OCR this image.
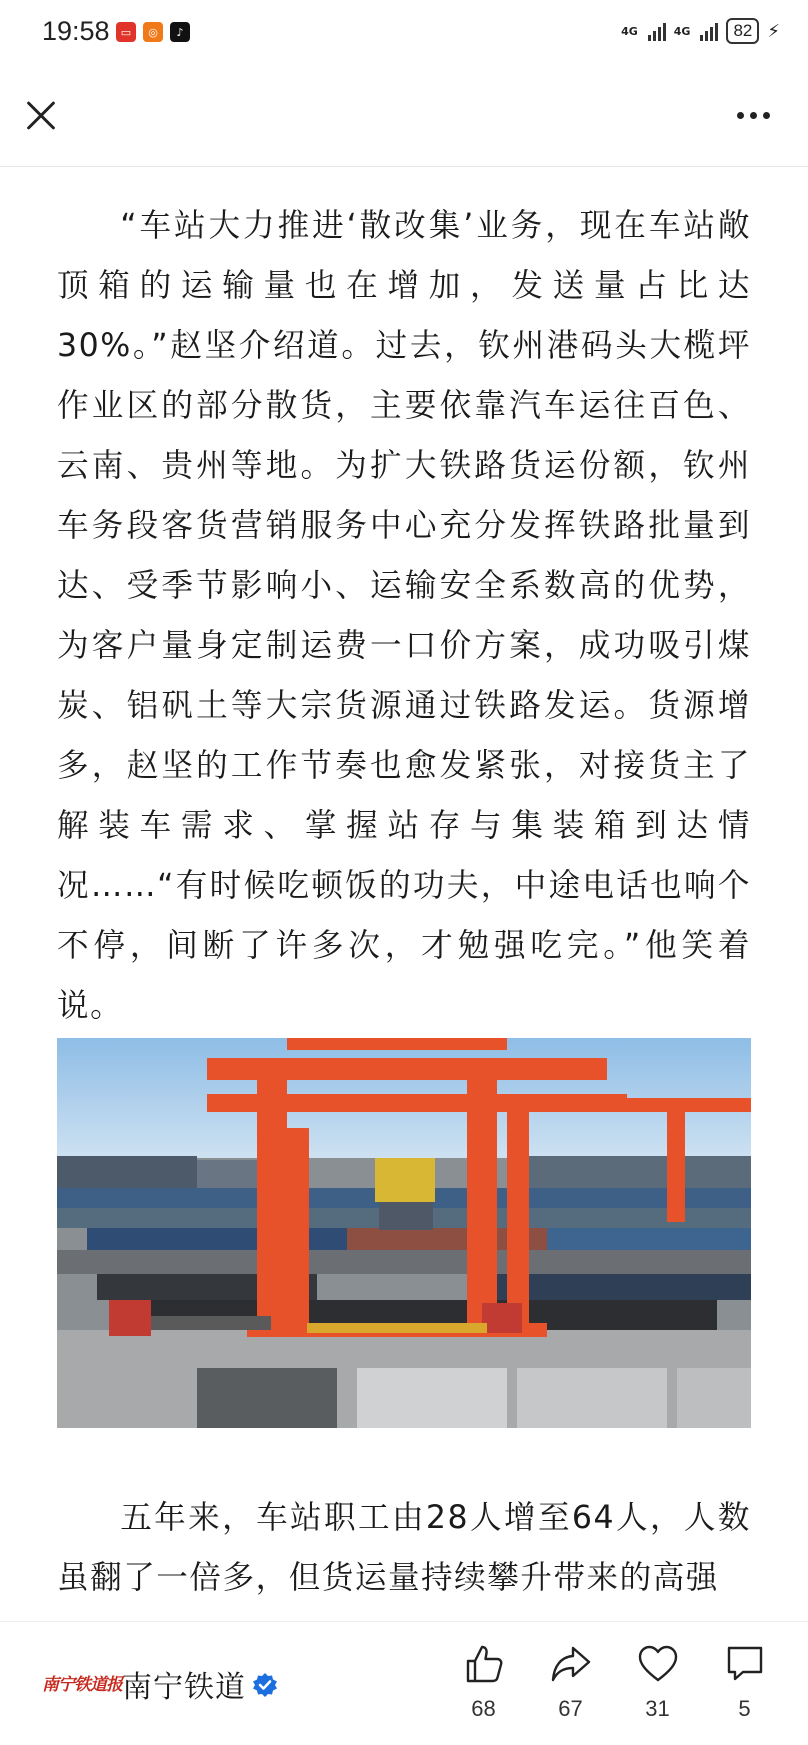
19:58	▭	◎	♪	4G	4G	82 ⚡

“车站大力推进‘散改集’业务，现在车站敞顶箱的运输量也在增加，发送量占比达30%。”赵坚介绍道。过去，钦州港码头大榄坪作业区的部分散货，主要依靠汽车运往百色、云南、贵州等地。为扩大铁路货运份额，钦州车务段客货营销服务中心充分发挥铁路批量到达、受季节影响小、运输安全系数高的优势，为客户量身定制运费一口价方案，成功吸引煤炭、铝矾土等大宗货源通过铁路发运。货源增多，赵坚的工作节奏也愈发紧张，对接货主了解装车需求、掌握站存与集装箱到达情况……“有时候吃顿饭的功夫，中途电话也响个不停，间断了许多次，才勉强吃完。”他笑着说。

五年来，车站职工由28人增至64人，人数虽翻了一倍多，但货运量持续攀升带来的高强

南宁铁道报 南宁铁道
68	67	31	5
